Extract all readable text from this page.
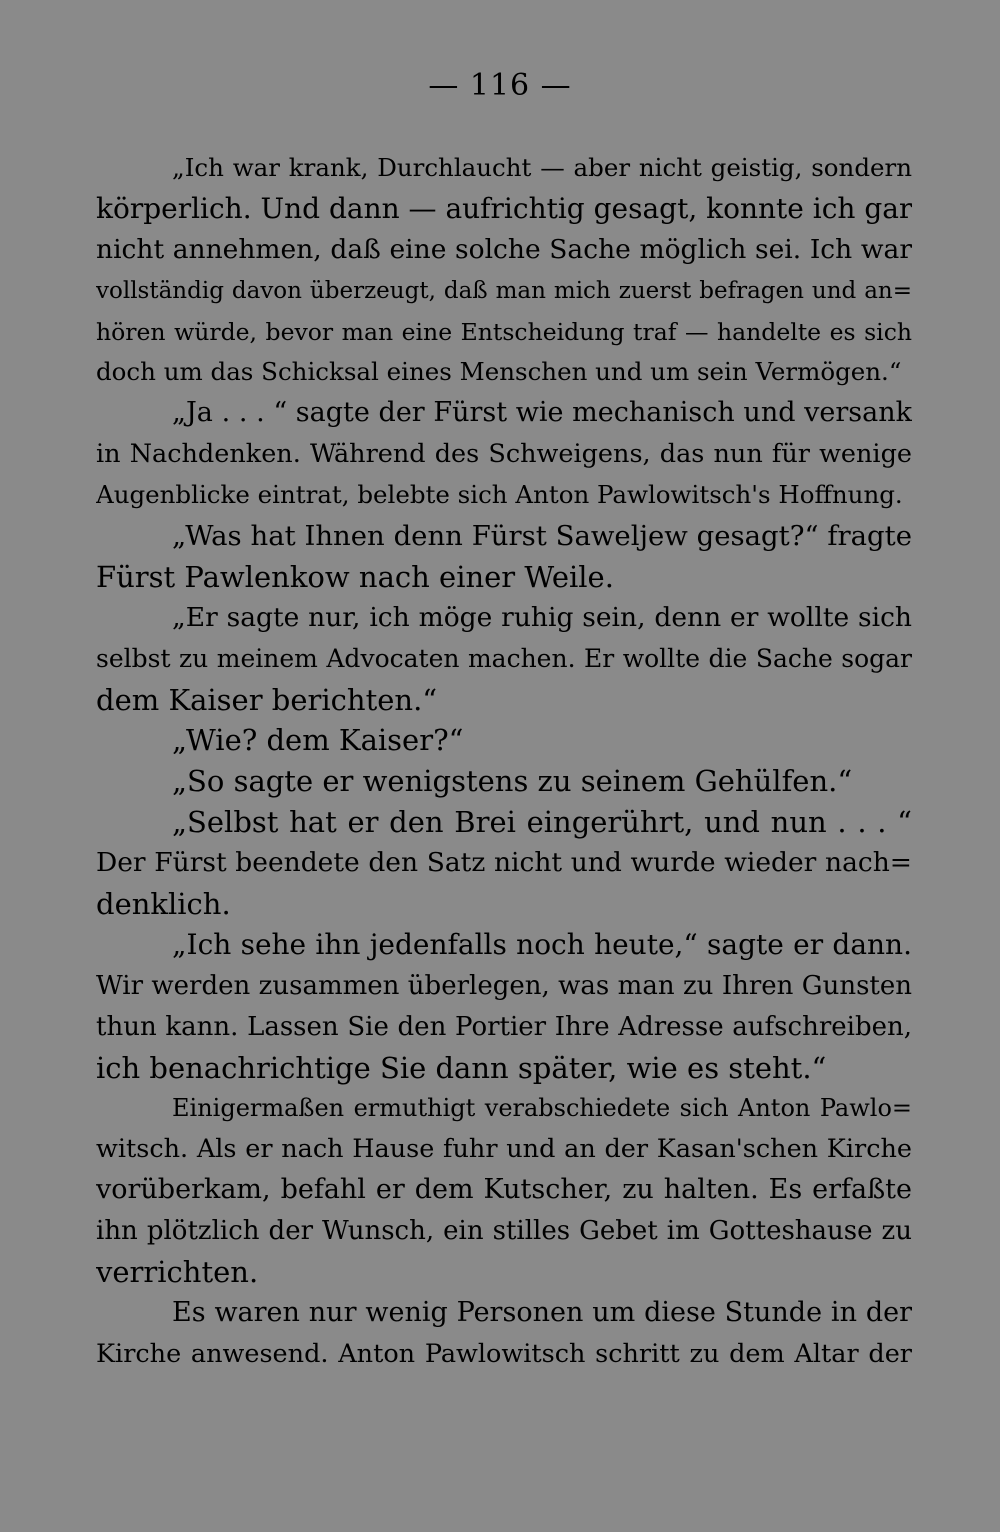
— 116 —
„Ich war krank, Durchlaucht — aber nicht geistig, sondern
körperlich. Und dann — aufrichtig gesagt, konnte ich gar
nicht annehmen, daß eine solche Sache möglich sei. Ich war
vollständig davon überzeugt, daß man mich zuerst befragen und an=
hören würde, bevor man eine Entscheidung traf — handelte es sich
doch um das Schicksal eines Menschen und um sein Vermögen.“
„Ja . . . “ sagte der Fürst wie mechanisch und versank
in Nachdenken. Während des Schweigens, das nun für wenige
Augenblicke eintrat, belebte sich Anton Pawlowitsch's Hoffnung.
„Was hat Ihnen denn Fürst Saweljew gesagt?“ fragte
Fürst Pawlenkow nach einer Weile.
„Er sagte nur, ich möge ruhig sein, denn er wollte sich
selbst zu meinem Advocaten machen. Er wollte die Sache sogar
dem Kaiser berichten.“
„Wie? dem Kaiser?“
„So sagte er wenigstens zu seinem Gehülfen.“
„Selbst hat er den Brei eingerührt, und nun . . . “
Der Fürst beendete den Satz nicht und wurde wieder nach=
denklich.
„Ich sehe ihn jedenfalls noch heute,“ sagte er dann.
Wir werden zusammen überlegen, was man zu Ihren Gunsten
thun kann. Lassen Sie den Portier Ihre Adresse aufschreiben,
ich benachrichtige Sie dann später, wie es steht.“
Einigermaßen ermuthigt verabschiedete sich Anton Pawlo=
witsch. Als er nach Hause fuhr und an der Kasan'schen Kirche
vorüberkam, befahl er dem Kutscher, zu halten. Es erfaßte
ihn plötzlich der Wunsch, ein stilles Gebet im Gotteshause zu
verrichten.
Es waren nur wenig Personen um diese Stunde in der
Kirche anwesend. Anton Pawlowitsch schritt zu dem Altar der
